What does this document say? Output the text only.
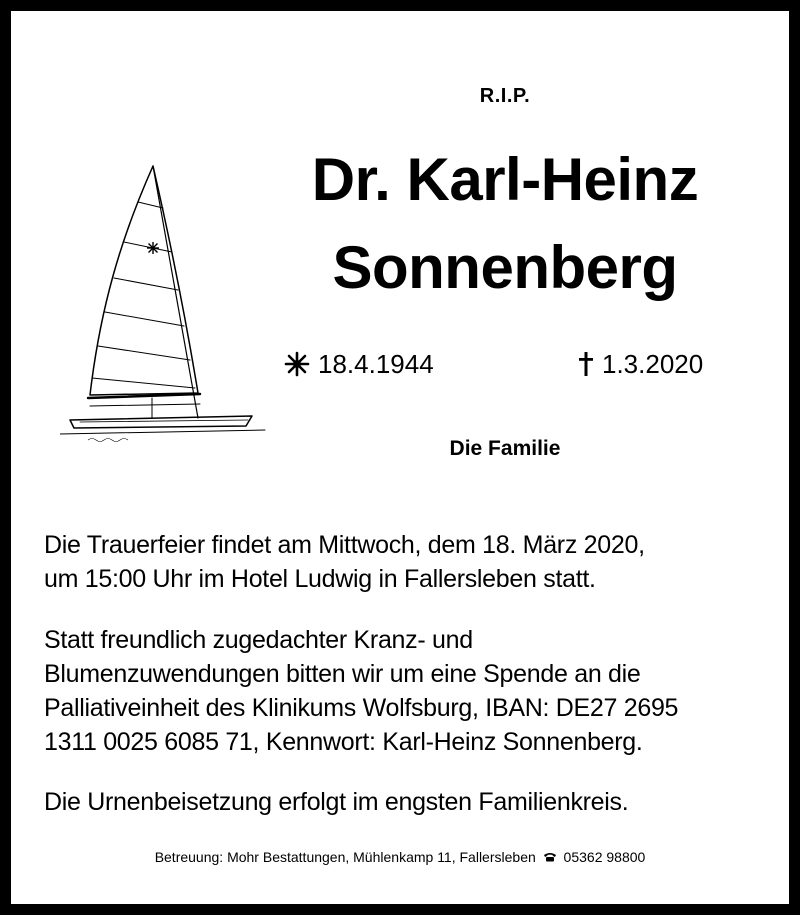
R.I.P.
Dr. Karl-Heinz
Sonnenberg
18.4.1944	1.3.2020
Die Familie

Die Trauerfeier findet am Mittwoch, dem 18. März 2020,

um 15:00 Uhr im Hotel Ludwig in Fallersleben statt.

Statt freundlich zugedachter Kranz- und

Blumenzuwendungen bitten wir um eine Spende an die

Palliativeinheit des Klinikums Wolfsburg, IBAN: DE27 2695

1311 0025 6085 71, Kennwort: Karl-Heinz Sonnenberg.

Die Urnenbeisetzung erfolgt im engsten Familienkreis.

Betreuung: Mohr Bestattungen, Mühlenkamp 11, Fallersleben 05362 98800
